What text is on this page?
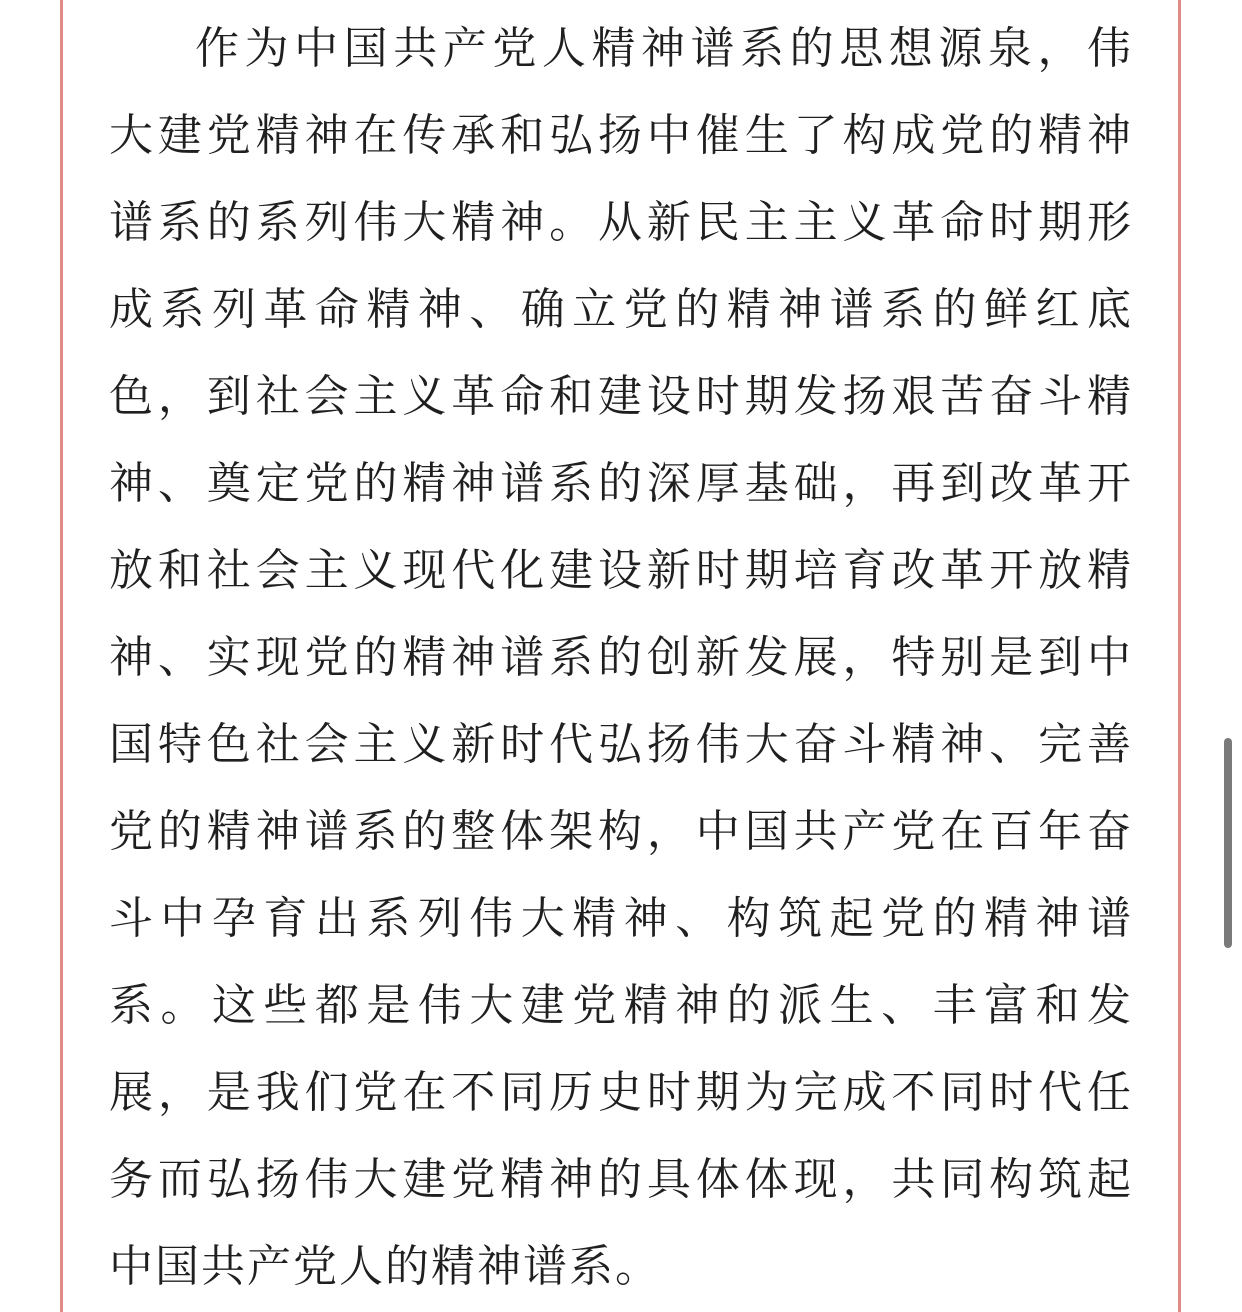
作为中国共产党人精神谱系的思想源泉，伟
大建党精神在传承和弘扬中催生了构成党的精神
谱系的系列伟大精神。从新民主主义革命时期形
成系列革命精神、确立党的精神谱系的鲜红底
色，到社会主义革命和建设时期发扬艰苦奋斗精
神、奠定党的精神谱系的深厚基础，再到改革开
放和社会主义现代化建设新时期培育改革开放精
神、实现党的精神谱系的创新发展，特别是到中
国特色社会主义新时代弘扬伟大奋斗精神、完善
党的精神谱系的整体架构，中国共产党在百年奋
斗中孕育出系列伟大精神、构筑起党的精神谱
系。这些都是伟大建党精神的派生、丰富和发
展，是我们党在不同历史时期为完成不同时代任
务而弘扬伟大建党精神的具体体现，共同构筑起
中国共产党人的精神谱系。
